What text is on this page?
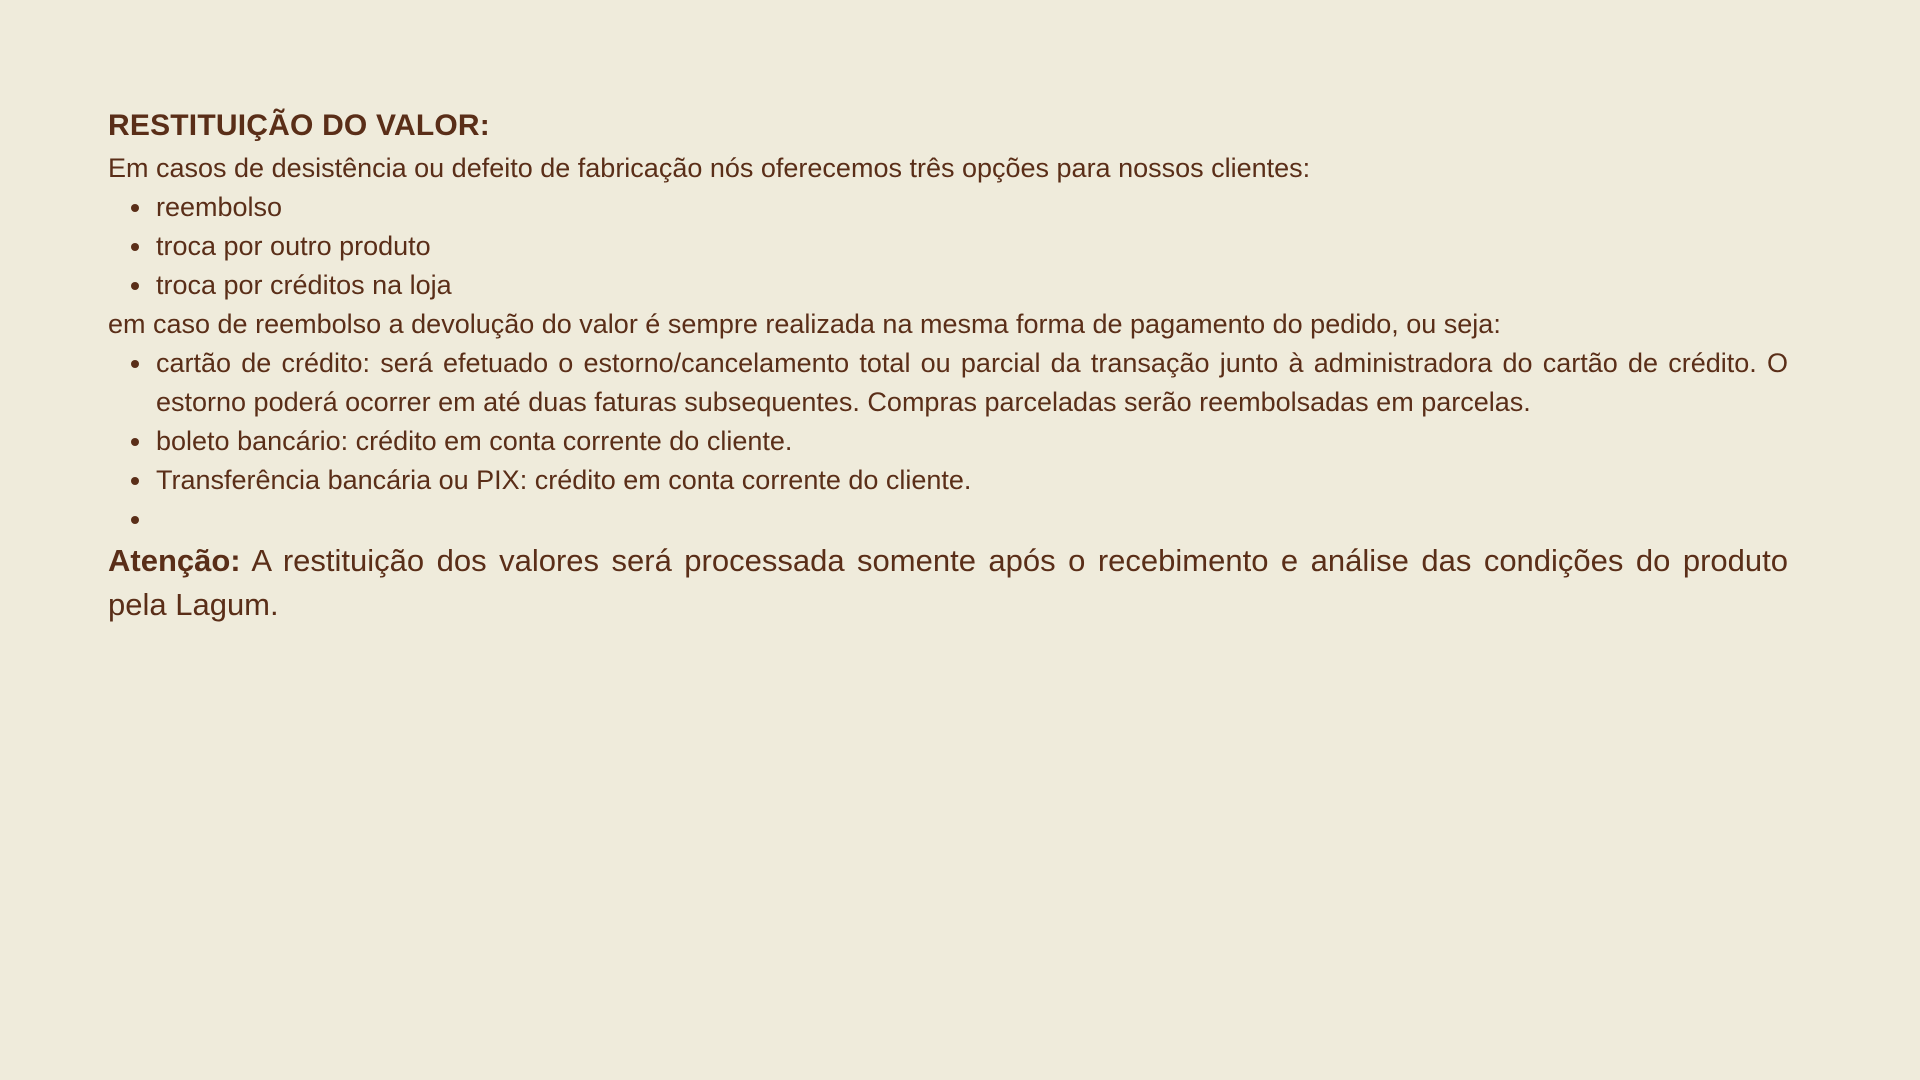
RESTITUIÇÃO DO VALOR:

Em casos de desistência ou defeito de fabricação nós oferecemos três opções para nossos clientes:

reembolso
troca por outro produto
troca por créditos na loja

em caso de reembolso a devolução do valor é sempre realizada na mesma forma de pagamento do pedido, ou seja:

cartão de crédito: será efetuado o estorno/cancelamento total ou parcial da transação junto à administradora do cartão de crédito. O estorno poderá ocorrer em até duas faturas subsequentes. Compras parceladas serão reembolsadas em parcelas.
boleto bancário: crédito em conta corrente do cliente.
Transferência bancária ou PIX: crédito em conta corrente do cliente.

Atenção: A restituição dos valores será processada somente após o recebimento e análise das condições do produto pela Lagum.
